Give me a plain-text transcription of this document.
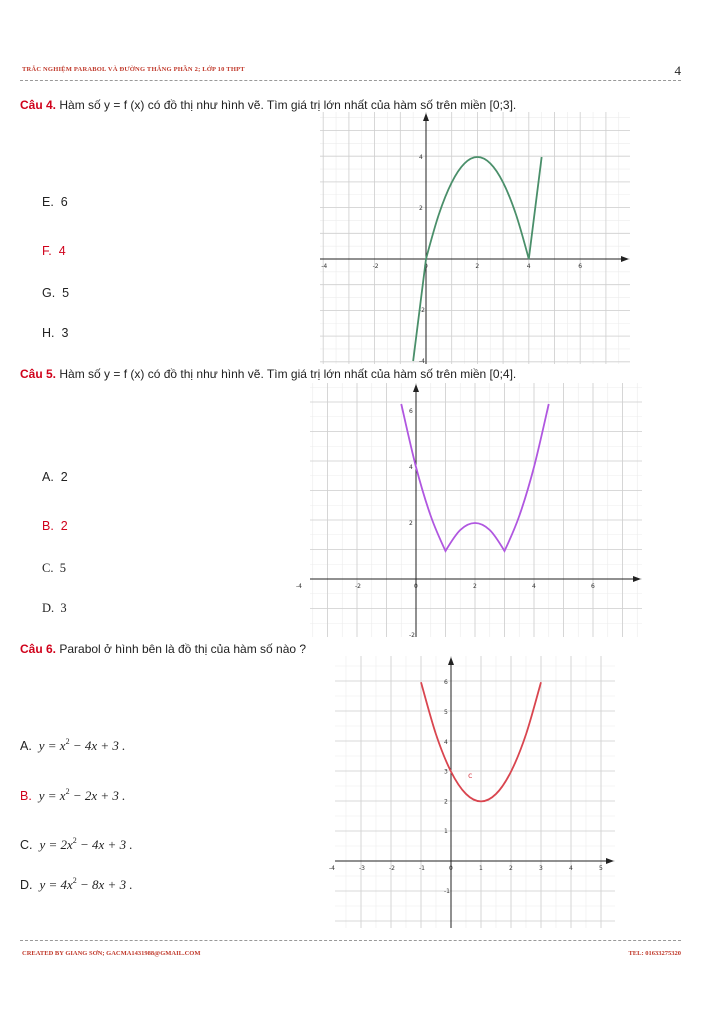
TRẮC NGHIỆM PARABOL VÀ ĐƯỜNG THẲNG PHẦN 2; LỚP 10 THPT	4
Câu 4. Hàm số y = f (x) có đồ thị như hình vẽ. Tìm giá trị lớn nhất của hàm số trên miền [0;3].
E. 6
F. 4
G. 5
H. 3
-4	-2	0	2	4	6
-4
-2
2
4
Câu 5. Hàm số y = f (x) có đồ thị như hình vẽ. Tìm giá trị lớn nhất của hàm số trên miền [0;4].
A. 2
B. 2
C. 5
D. 3
-4	-2	0	2	4	6
-2
2
4
6
Câu 6. Parabol ở hình bên là đồ thị của hàm số nào ?
A. $y = x^2 - 4x + 3$ .
B. $y = x^2 - 2x + 3$ .
C. $y = 2x^2 - 4x + 3$ .
D. $y = 4x^2 - 8x + 3$ .
-4	-3	-2	-1	0	1	2	3	4	5
-1
1
2
3
4
5
6
c
CREATED BY GIANG SƠN; GACMA1431988@GMAIL.COM	TEL: 01633275320
